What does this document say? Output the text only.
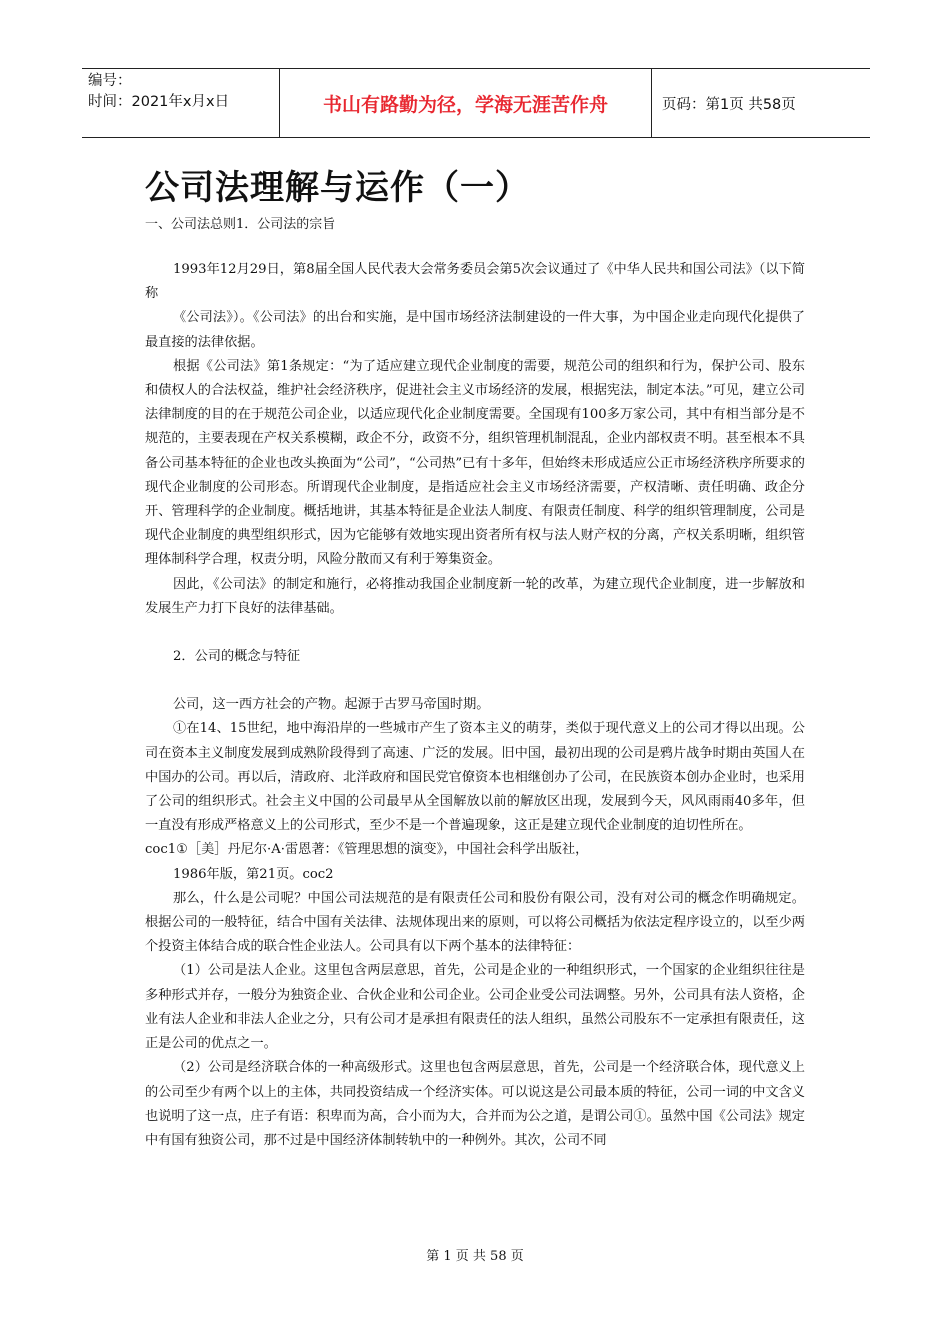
编号：
时间：2021年x月x日	书山有路勤为径，学海无涯苦作舟	页码：第1页 共58页
公司法理解与运作（一）
一、公司法总则1．公司法的宗旨

1993年12月29日，第8届全国人民代表大会常务委员会第5次会议通过了《中华人民共和国公司法》（以下简称

《公司法》）。《公司法》的出台和实施，是中国市场经济法制建设的一件大事，为中国企业走向现代化提供了最直接的法律依据。

根据《公司法》第1条规定：“为了适应建立现代企业制度的需要，规范公司的组织和行为，保护公司、股东和债权人的合法权益，维护社会经济秩序，促进社会主义市场经济的发展，根据宪法，制定本法。”可见，建立公司法律制度的目的在于规范公司企业，以适应现代化企业制度需要。全国现有100多万家公司，其中有相当部分是不规范的，主要表现在产权关系模糊，政企不分，政资不分，组织管理机制混乱，企业内部权责不明。甚至根本不具备公司基本特征的企业也改头换面为“公司”，“公司热”已有十多年，但始终未形成适应公正市场经济秩序所要求的现代企业制度的公司形态。所谓现代企业制度，是指适应社会主义市场经济需要，产权清晰、责任明确、政企分开、管理科学的企业制度。概括地讲，其基本特征是企业法人制度、有限责任制度、科学的组织管理制度，公司是现代企业制度的典型组织形式，因为它能够有效地实现出资者所有权与法人财产权的分离，产权关系明晰，组织管理体制科学合理，权责分明，风险分散而又有利于筹集资金。

因此，《公司法》的制定和施行，必将推动我国企业制度新一轮的改革，为建立现代企业制度，进一步解放和发展生产力打下良好的法律基础。

2．公司的概念与特征

公司，这一西方社会的产物。起源于古罗马帝国时期。

①在14、15世纪，地中海沿岸的一些城市产生了资本主义的萌芽，类似于现代意义上的公司才得以出现。公司在资本主义制度发展到成熟阶段得到了高速、广泛的发展。旧中国，最初出现的公司是鸦片战争时期由英国人在中国办的公司。再以后，清政府、北洋政府和国民党官僚资本也相继创办了公司，在民族资本创办企业时，也采用了公司的组织形式。社会主义中国的公司最早从全国解放以前的解放区出现，发展到今天，风风雨雨40多年，但一直没有形成严格意义上的公司形式，至少不是一个普遍现象，这正是建立现代企业制度的迫切性所在。

coc1①［美］丹尼尔·A·雷恩著：《管理思想的演变》，中国社会科学出版社，

1986年版，第21页。coc2

那么，什么是公司呢？中国公司法规范的是有限责任公司和股份有限公司，没有对公司的概念作明确规定。根据公司的一般特征，结合中国有关法律、法规体现出来的原则，可以将公司概括为依法定程序设立的，以至少两个投资主体结合成的联合性企业法人。公司具有以下两个基本的法律特征：

（1）公司是法人企业。这里包含两层意思，首先，公司是企业的一种组织形式，一个国家的企业组织往往是多种形式并存，一般分为独资企业、合伙企业和公司企业。公司企业受公司法调整。另外，公司具有法人资格，企业有法人企业和非法人企业之分，只有公司才是承担有限责任的法人组织，虽然公司股东不一定承担有限责任，这正是公司的优点之一。

（2）公司是经济联合体的一种高级形式。这里也包含两层意思，首先，公司是一个经济联合体，现代意义上的公司至少有两个以上的主体，共同投资结成一个经济实体。可以说这是公司最本质的特征，公司一词的中文含义也说明了这一点，庄子有语：积卑而为高，合小而为大，合并而为公之道，是谓公司①。虽然中国《公司法》规定中有国有独资公司，那不过是中国经济体制转轨中的一种例外。其次，公司不同

第 1 页 共 58 页
